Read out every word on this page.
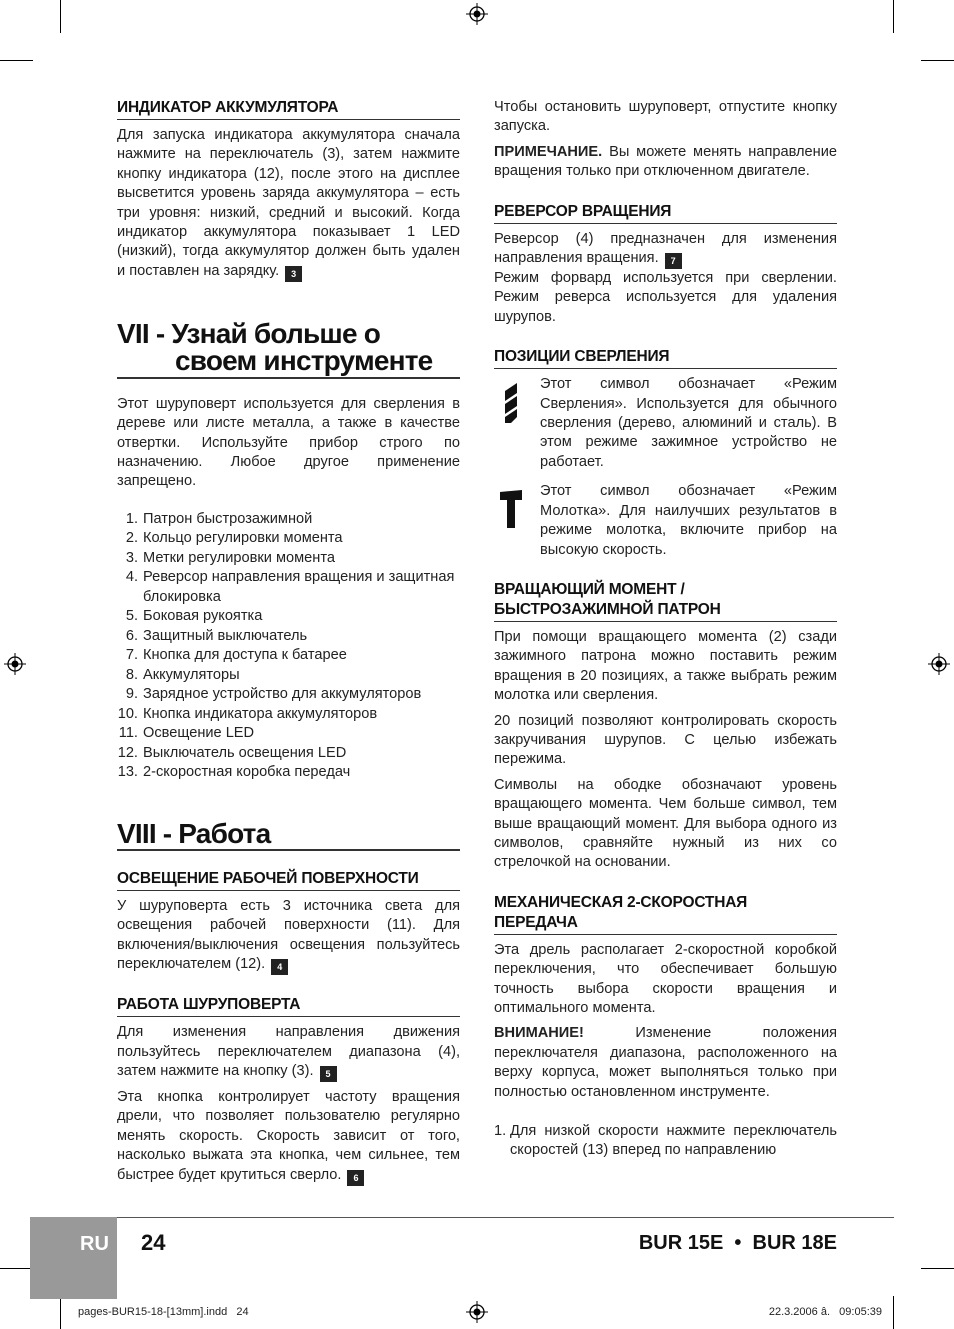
ИНДИКАТОР АККУМУЛЯТОРА

Для запуска индикатора аккумулятора сначала нажмите на переключатель (3), затем нажмите кнопку индикатора (12), после этого на дисплее высветится уровень заряда аккумулятора – есть три уровня: низкий, средний и высокий. Когда индикатор аккумулятора показывает 1 LED (низкий), тогда аккумулятор должен быть удален и поставлен на зарядку. 3

VII - Узнай больше о
своем инструменте

Этот шуруповерт используется для сверления в дереве или листе металла, а также в качестве отвертки. Используйте прибор строго по назначению. Любое другое применение запрещено.

1. Патрон быстрозажимной
2. Кольцо регулировки момента
3. Метки регулировки момента
4. Реверсор направления вращения и защитная блокировка
5. Боковая рукоятка
6. Защитный выключатель
7. Кнопка для доступа к батарее
8. Аккумуляторы
9. Зарядное устройство для аккумуляторов
10. Кнопка индикатора аккумуляторов
11. Освещение LED
12. Выключатель освещения LED
13. 2-скоростная коробка передач
VIII - Работа
ОСВЕЩЕНИЕ РАБОЧЕЙ ПОВЕРХНОСТИ

У шуруповерта есть 3 источника света для освещения рабочей поверхности (11). Для включения/выключения освещения пользуйтесь переключателем (12). 4

РАБОТА ШУРУПОВЕРТА

Для изменения направления движения пользуйтесь переключателем диапазона (4), затем нажмите на кнопку (3). 5

Эта кнопка контролирует частоту вращения дрели, что позволяет пользователю регулярно менять скорость. Скорость зависит от того, насколько выжата эта кнопка, чем сильнее, тем быстрее будет крутиться сверло. 6

Чтобы остановить шуруповерт, отпустите кнопку запуска.

ПРИМЕЧАНИЕ. Вы можете менять направление вращения только при отключенном двигателе.

РЕВЕРСОР ВРАЩЕНИЯ

Реверсор (4) предназначен для изменения направления вращения. 7

Режим форвард используется при сверлении. Режим реверса используется для удаления шурупов.

ПОЗИЦИИ СВЕРЛЕНИЯ

Этот символ обозначает «Режим Сверления». Используется для обычного сверления (дерево, алюминий и сталь). В этом режиме зажимное устройство не работает.

Этот символ обозначает «Режим Молотка». Для наилучших результатов в режиме молотка, включите прибор на высокую скорость.

ВРАЩАЮЩИЙ МОМЕНТ /
БЫСТРОЗАЖИМНОЙ ПАТРОН

При помощи вращающего момента (2) сзади зажимного патрона можно поставить режим вращения в 20 позициях, а также выбрать режим молотка или сверления.

20 позиций позволяют контролировать скорость закручивания шурупов. С целью избежать пережима.

Символы на ободке обозначают уровень вращающего момента. Чем больше символ, тем выше вращающий момент. Для выбора одного из символов, сравняйте нужный из них со стрелочкой на основании.

МЕХАНИЧЕСКАЯ 2-СКОРОСТНАЯ
ПЕРЕДАЧА

Эта дрель располагает 2-скоростной коробкой переключения, что обеспечивает большую точность выбора скорости вращения и оптимального момента.

ВНИМАНИЕ! Изменение положения переключателя диапазона, расположенного на верху корпуса, может выполняться только при полностью остановленном инструменте.

1. Для низкой скорости нажмите переключатель скоростей (13) вперед по направлению
RU 24	BUR 15E  •  BUR 18E
pages-BUR15-18-[13mm].indd   24	22.3.2006 â.   09:05:39
